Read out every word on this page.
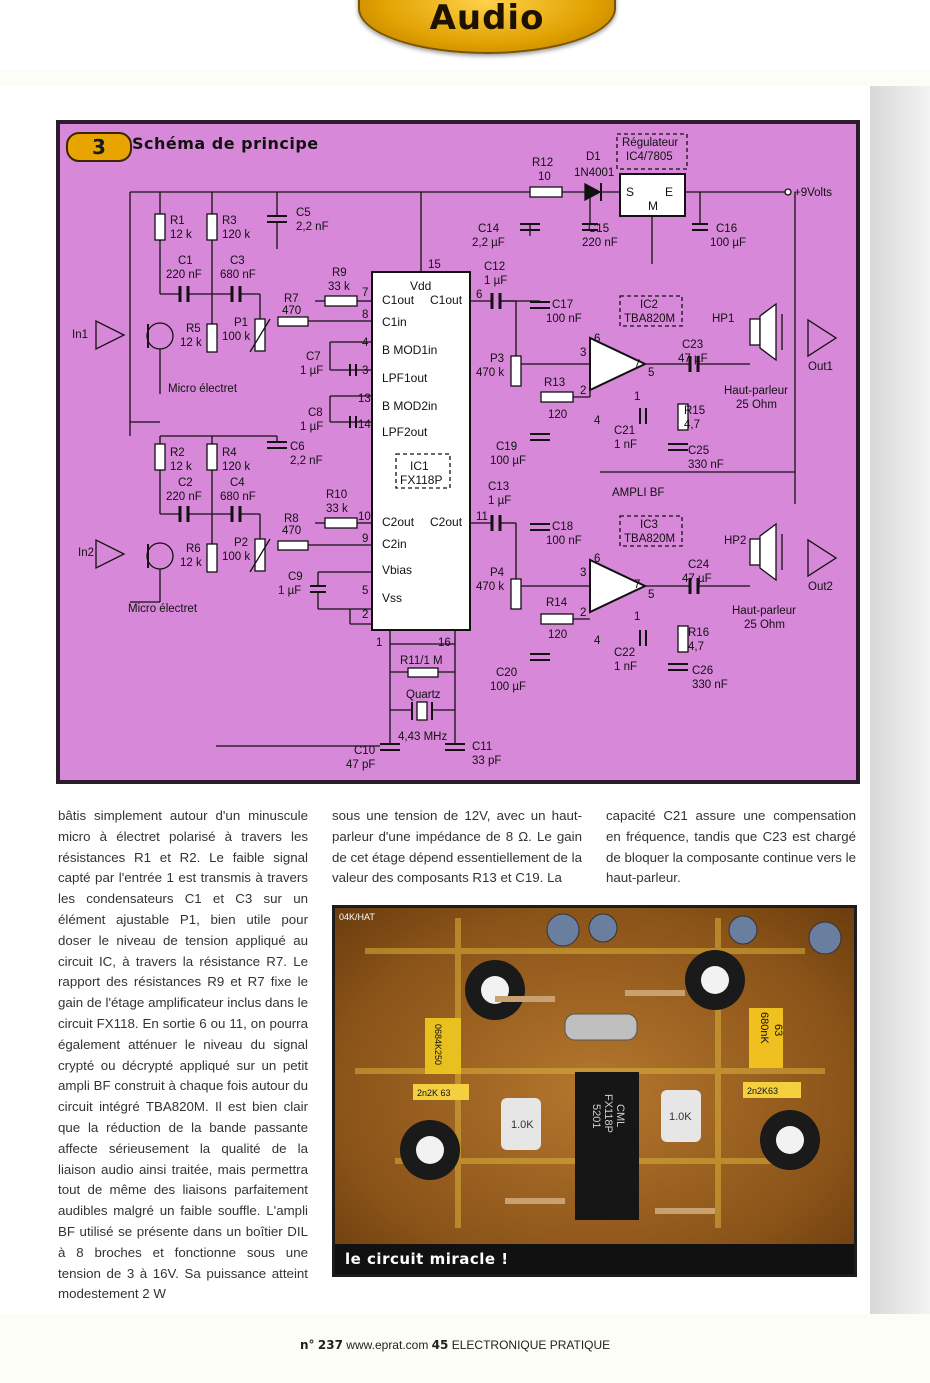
Audio
3	Schéma de principe	Régulateur
IC4/7805
R12
10
D1
1N4001
+9Volts
S	E
M
R1
12 k
R3
120 k
C5
2,2 nF	C14
2,2 µF
C15
220 nF
C16
100 µF
C1
220 nF
C3
680 nF	R9
33 k
15
Vdd
C1out C1out
C1in
C12
1 µF
6
7
8
R7
470
P1
100 k
R5
12 k
In1
C17
100 nF
IC2
TBA820M	HP1
Out1
C7
1 µF
4
3
B MOD1in
LPF1out
P3
470 k
R13
120
C23
47 µF
3
2
6
7
5
1
4
Micro électret	Haut-parleur
25 Ohm
C8
1 µF
13
14
B MOD2in
LPF2out
R15
4,7
C21
1 nF
R2
12 k
R4
120 k
C6
2,2 nF	IC1
FX118P
C19
100 µF
C25
330 nF
C2
220 nF
C4
680 nF	R10
33 k
AMPLI BF
C13
1 µF
R8
470
10
9
11
C2out C2out
C2in
C18
100 nF
IC3
TBA820M	HP2
P2
100 k
R6
12 k
In2
Vbias
C9
1 µF
P4
470 k
C24
47 µF
Out2
3
2
6
7
5
1
4
Vss
5
2
R14
120
Haut-parleur
25 Ohm
Micro électret
1	16
R11/1 M
C22
1 nF
R16
4,7
Quartz
C20
100 µF
C26
330 nF
4,43 MHz
C10
47 pF
C11
33 pF

bâtis simplement autour d'un minuscule micro à électret polarisé à travers les résistances R1 et R2. Le faible signal capté par l'entrée 1 est transmis à travers les condensateurs C1 et C3 sur un élément ajustable P1, bien utile pour doser le niveau de tension appliqué au circuit IC, à travers la résistance R7. Le rapport des résistances R9 et R7 fixe le gain de l'étage amplificateur inclus dans le circuit FX118. En sortie 6 ou 11, on pourra également atténuer le niveau du signal crypté ou décrypté appliqué sur un petit ampli BF construit à chaque fois autour du circuit intégré TBA820M. Il est bien clair que la réduction de la bande passante affecte sérieusement la qualité de la liaison audio ainsi traitée, mais permettra tout de même des liaisons parfaitement audibles malgré un faible souffle. L'ampli BF utilisé se présente dans un boîtier DIL à 8 broches et fonctionne sous une tension de 3 à 16V. Sa puissance atteint modestement 2 W

sous une tension de 12V, avec un haut-parleur d'une impédance de 8 Ω. Le gain de cet étage dépend essentiellement de la valeur des composants R13 et C19. La

capacité C21 assure une compensation en fréquence, tandis que C23 est chargé de bloquer la composante continue vers le haut-parleur.

04K/HAT
0684K250	680nK 63
2n2K 63	2n2K63
1.0K
1.0K
CML
FX118P
5201
le circuit miracle !
n° 237 www.eprat.com 45 ELECTRONIQUE PRATIQUE
